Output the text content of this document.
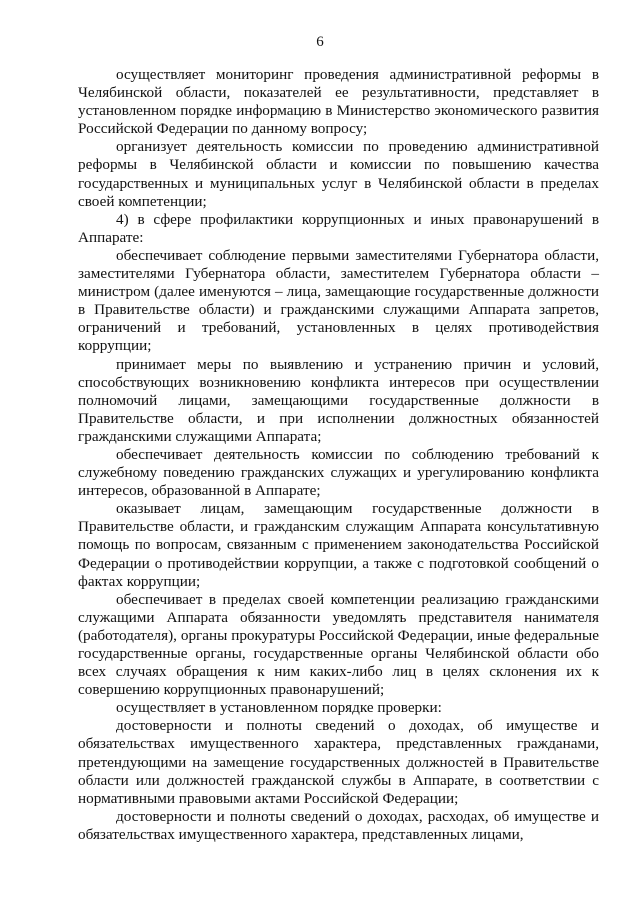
6

осуществляет мониторинг проведения административной реформы в Челябинской области, показателей ее результативности, представляет в установленном порядке информацию в Министерство экономического развития Российской Федерации по данному вопросу;

организует деятельность комиссии по проведению административной реформы в Челябинской области и комиссии по повышению качества государственных и муниципальных услуг в Челябинской области в пределах своей компетенции;

4) в сфере профилактики коррупционных и иных правонарушений в Аппарате:

обеспечивает соблюдение первыми заместителями Губернатора области, заместителями Губернатора области, заместителем Губернатора области – министром (далее именуются – лица, замещающие государственные должности в Правительстве области) и гражданскими служащими Аппарата запретов, ограничений и требований, установленных в целях противодействия коррупции;

принимает меры по выявлению и устранению причин и условий, способствующих возникновению конфликта интересов при осуществлении полномочий лицами, замещающими государственные должности в Правительстве области, и при исполнении должностных обязанностей гражданскими служащими Аппарата;

обеспечивает деятельность комиссии по соблюдению требований к служебному поведению гражданских служащих и урегулированию конфликта интересов, образованной в Аппарате;

оказывает лицам, замещающим государственные должности в Правительстве области, и гражданским служащим Аппарата консультативную помощь по вопросам, связанным с применением законодательства Российской Федерации о противодействии коррупции, а также с подготовкой сообщений о фактах коррупции;

обеспечивает в пределах своей компетенции реализацию гражданскими служащими Аппарата обязанности уведомлять представителя нанимателя (работодателя), органы прокуратуры Российской Федерации, иные федеральные государственные органы, государственные органы Челябинской области обо всех случаях обращения к ним каких-либо лиц в целях склонения их к совершению коррупционных правонарушений;

осуществляет в установленном порядке проверки:

достоверности и полноты сведений о доходах, об имуществе и обязательствах имущественного характера, представленных гражданами, претендующими на замещение государственных должностей в Правительстве области или должностей гражданской службы в Аппарате, в соответствии с нормативными правовыми актами Российской Федерации;

достоверности и полноты сведений о доходах, расходах, об имуществе и обязательствах имущественного характера, представленных лицами,
